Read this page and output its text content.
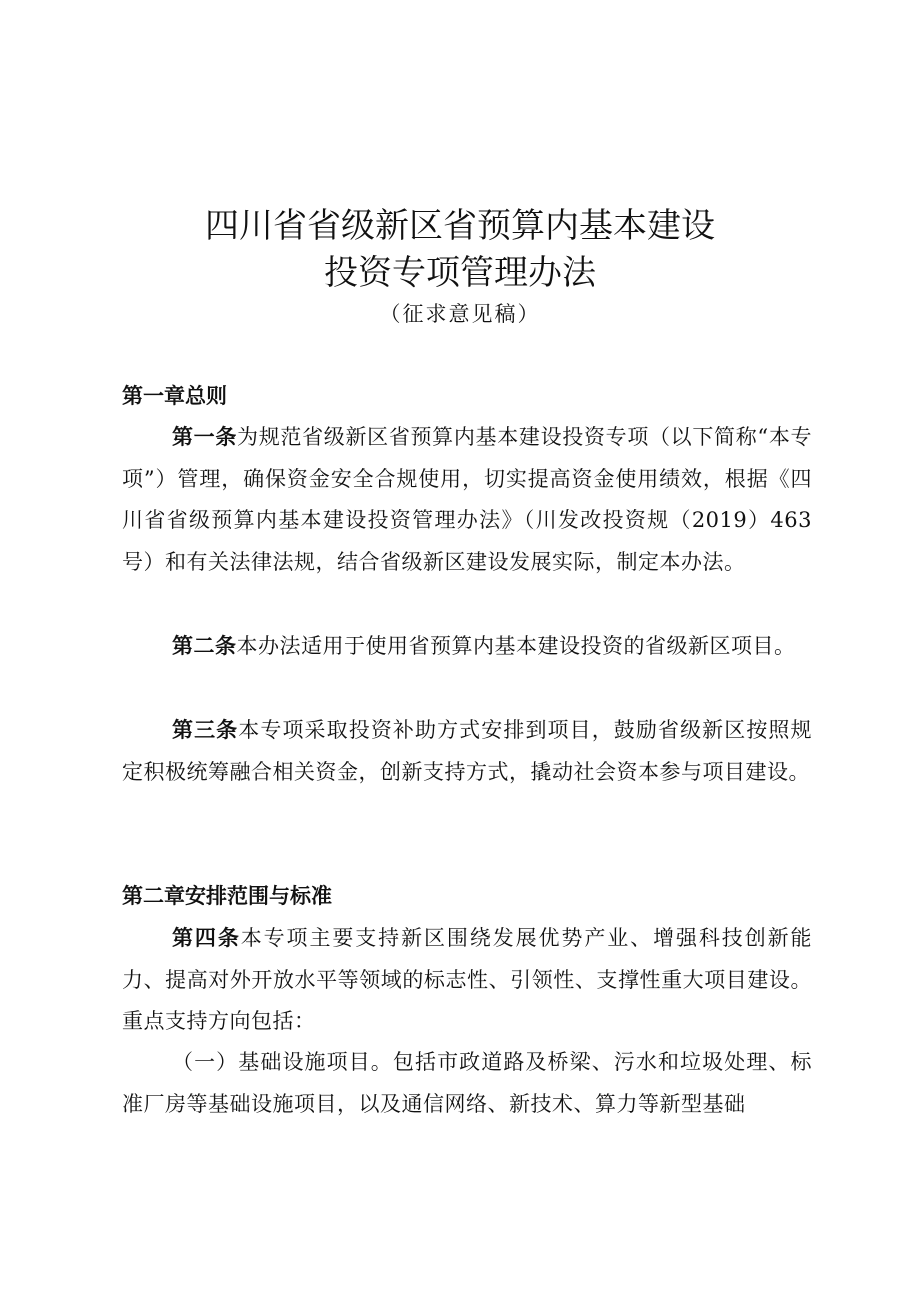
四川省省级新区省预算内基本建设
投资专项管理办法
（征求意见稿）
第一章总则

第一条为规范省级新区省预算内基本建设投资专项（以下简称“本专项”）管理，确保资金安全合规使用，切实提高资金使用绩效，根据《四川省省级预算内基本建设投资管理办法》（川发改投资规（2019）463号）和有关法律法规，结合省级新区建设发展实际，制定本办法。

第二条本办法适用于使用省预算内基本建设投资的省级新区项目。

第三条本专项采取投资补助方式安排到项目，鼓励省级新区按照规定积极统筹融合相关资金，创新支持方式，撬动社会资本参与项目建设。

第二章安排范围与标准

第四条本专项主要支持新区围绕发展优势产业、增强科技创新能力、提高对外开放水平等领域的标志性、引领性、支撑性重大项目建设。重点支持方向包括：

（一）基础设施项目。包括市政道路及桥梁、污水和垃圾处理、标准厂房等基础设施项目，以及通信网络、新技术、算力等新型基础
